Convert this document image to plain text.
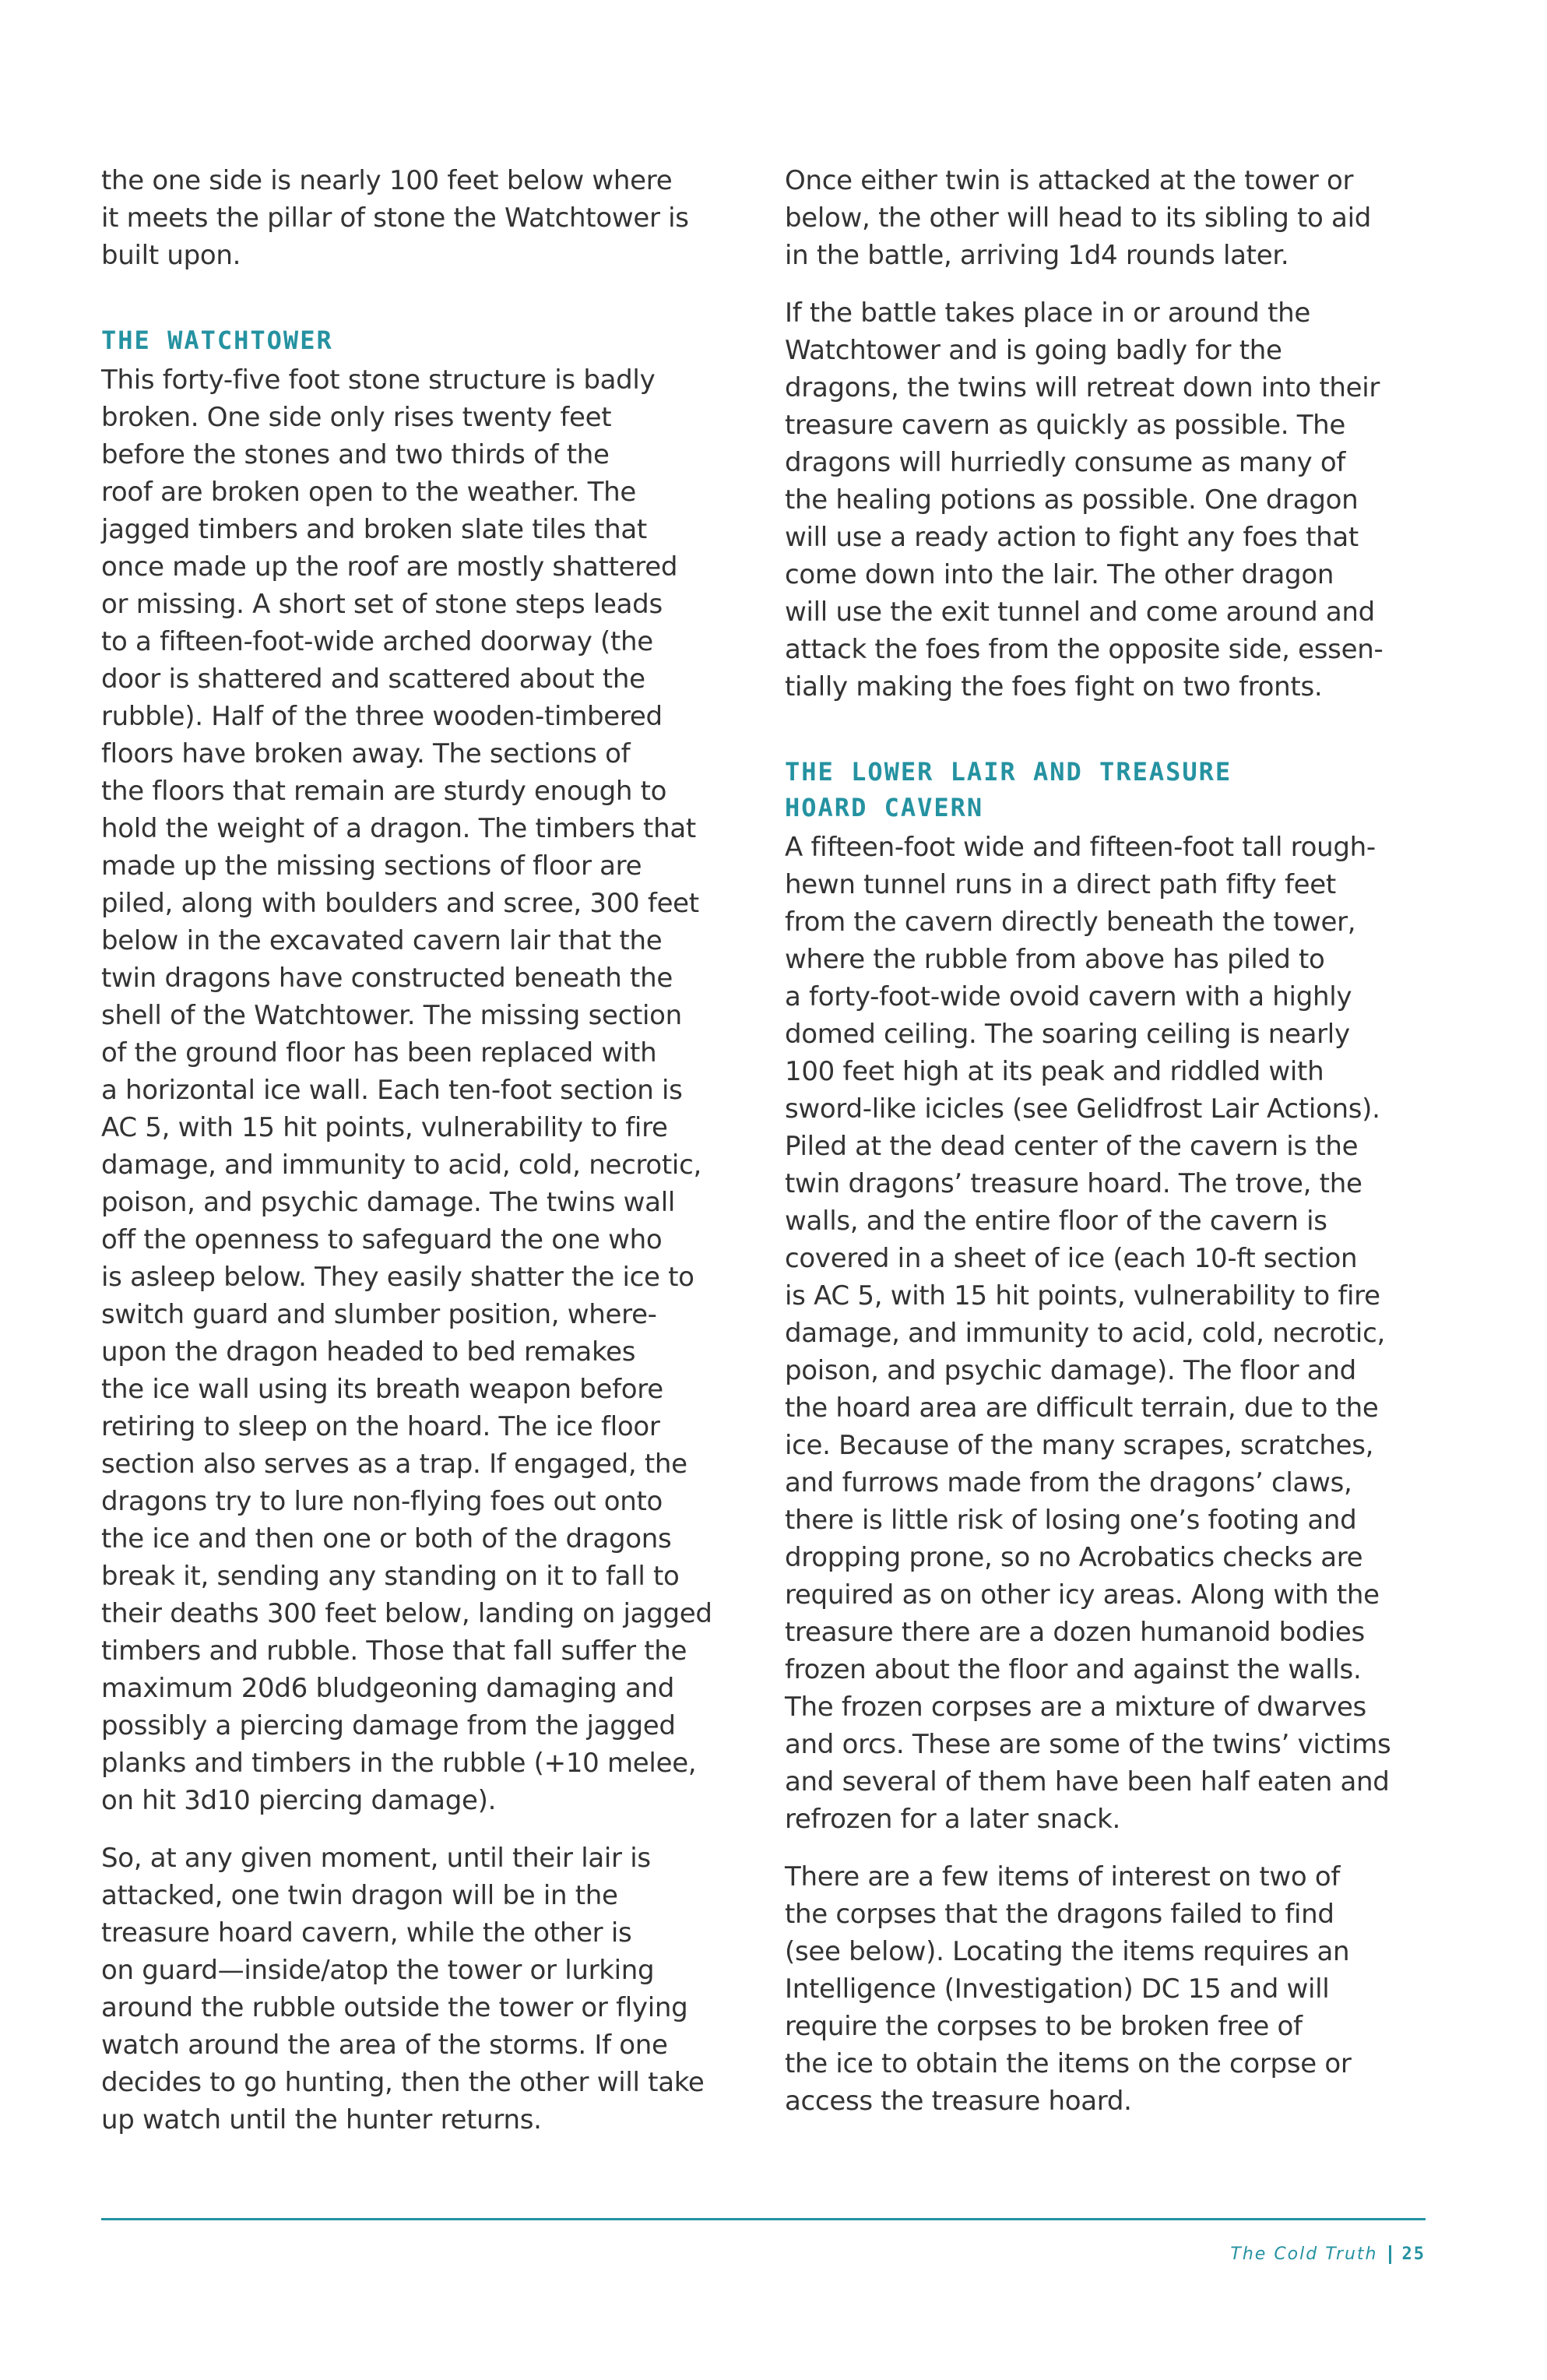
the one side is nearly 100 feet below where
it meets the pillar of stone the Watchtower is
built upon.

THE WATCHTOWER

This forty-five foot stone structure is badly
broken. One side only rises twenty feet
before the stones and two thirds of the
roof are broken open to the weather. The
jagged timbers and broken slate tiles that
once made up the roof are mostly shattered
or missing. A short set of stone steps leads
to a fifteen-foot-wide arched doorway (the
door is shattered and scattered about the
rubble). Half of the three wooden-timbered
floors have broken away. The sections of
the floors that remain are sturdy enough to
hold the weight of a dragon. The timbers that
made up the missing sections of floor are
piled, along with boulders and scree, 300 feet
below in the excavated cavern lair that the
twin dragons have constructed beneath the
shell of the Watchtower. The missing section
of the ground floor has been replaced with
a horizontal ice wall. Each ten-foot section is
AC 5, with 15 hit points, vulnerability to fire
damage, and immunity to acid, cold, necrotic,
poison, and psychic damage. The twins wall
off the openness to safeguard the one who
is asleep below. They easily shatter the ice to
switch guard and slumber position, where-
upon the dragon headed to bed remakes
the ice wall using its breath weapon before
retiring to sleep on the hoard. The ice floor
section also serves as a trap. If engaged, the
dragons try to lure non-flying foes out onto
the ice and then one or both of the dragons
break it, sending any standing on it to fall to
their deaths 300 feet below, landing on jagged
timbers and rubble. Those that fall suffer the
maximum 20d6 bludgeoning damaging and
possibly a piercing damage from the jagged
planks and timbers in the rubble (+10 melee,
on hit 3d10 piercing damage).

So, at any given moment, until their lair is
attacked, one twin dragon will be in the
treasure hoard cavern, while the other is
on guard—inside/atop the tower or lurking
around the rubble outside the tower or flying
watch around the area of the storms. If one
decides to go hunting, then the other will take
up watch until the hunter returns.

Once either twin is attacked at the tower or
below, the other will head to its sibling to aid
in the battle, arriving 1d4 rounds later.

If the battle takes place in or around the
Watchtower and is going badly for the
dragons, the twins will retreat down into their
treasure cavern as quickly as possible. The
dragons will hurriedly consume as many of
the healing potions as possible. One dragon
will use a ready action to fight any foes that
come down into the lair. The other dragon
will use the exit tunnel and come around and
attack the foes from the opposite side, essen-
tially making the foes fight on two fronts.

THE LOWER LAIR AND TREASURE
HOARD CAVERN

A fifteen-foot wide and fifteen-foot tall rough-
hewn tunnel runs in a direct path fifty feet
from the cavern directly beneath the tower,
where the rubble from above has piled to
a forty-foot-wide ovoid cavern with a highly
domed ceiling. The soaring ceiling is nearly
100 feet high at its peak and riddled with
sword-like icicles (see Gelidfrost Lair Actions).
Piled at the dead center of the cavern is the
twin dragons’ treasure hoard. The trove, the
walls, and the entire floor of the cavern is
covered in a sheet of ice (each 10-ft section
is AC 5, with 15 hit points, vulnerability to fire
damage, and immunity to acid, cold, necrotic,
poison, and psychic damage). The floor and
the hoard area are difficult terrain, due to the
ice. Because of the many scrapes, scratches,
and furrows made from the dragons’ claws,
there is little risk of losing one’s footing and
dropping prone, so no Acrobatics checks are
required as on other icy areas. Along with the
treasure there are a dozen humanoid bodies
frozen about the floor and against the walls.
The frozen corpses are a mixture of dwarves
and orcs. These are some of the twins’ victims
and several of them have been half eaten and
refrozen for a later snack.

There are a few items of interest on two of
the corpses that the dragons failed to find
(see below). Locating the items requires an
Intelligence (Investigation) DC 15 and will
require the corpses to be broken free of
the ice to obtain the items on the corpse or
access the treasure hoard.

The Cold Truth 25
